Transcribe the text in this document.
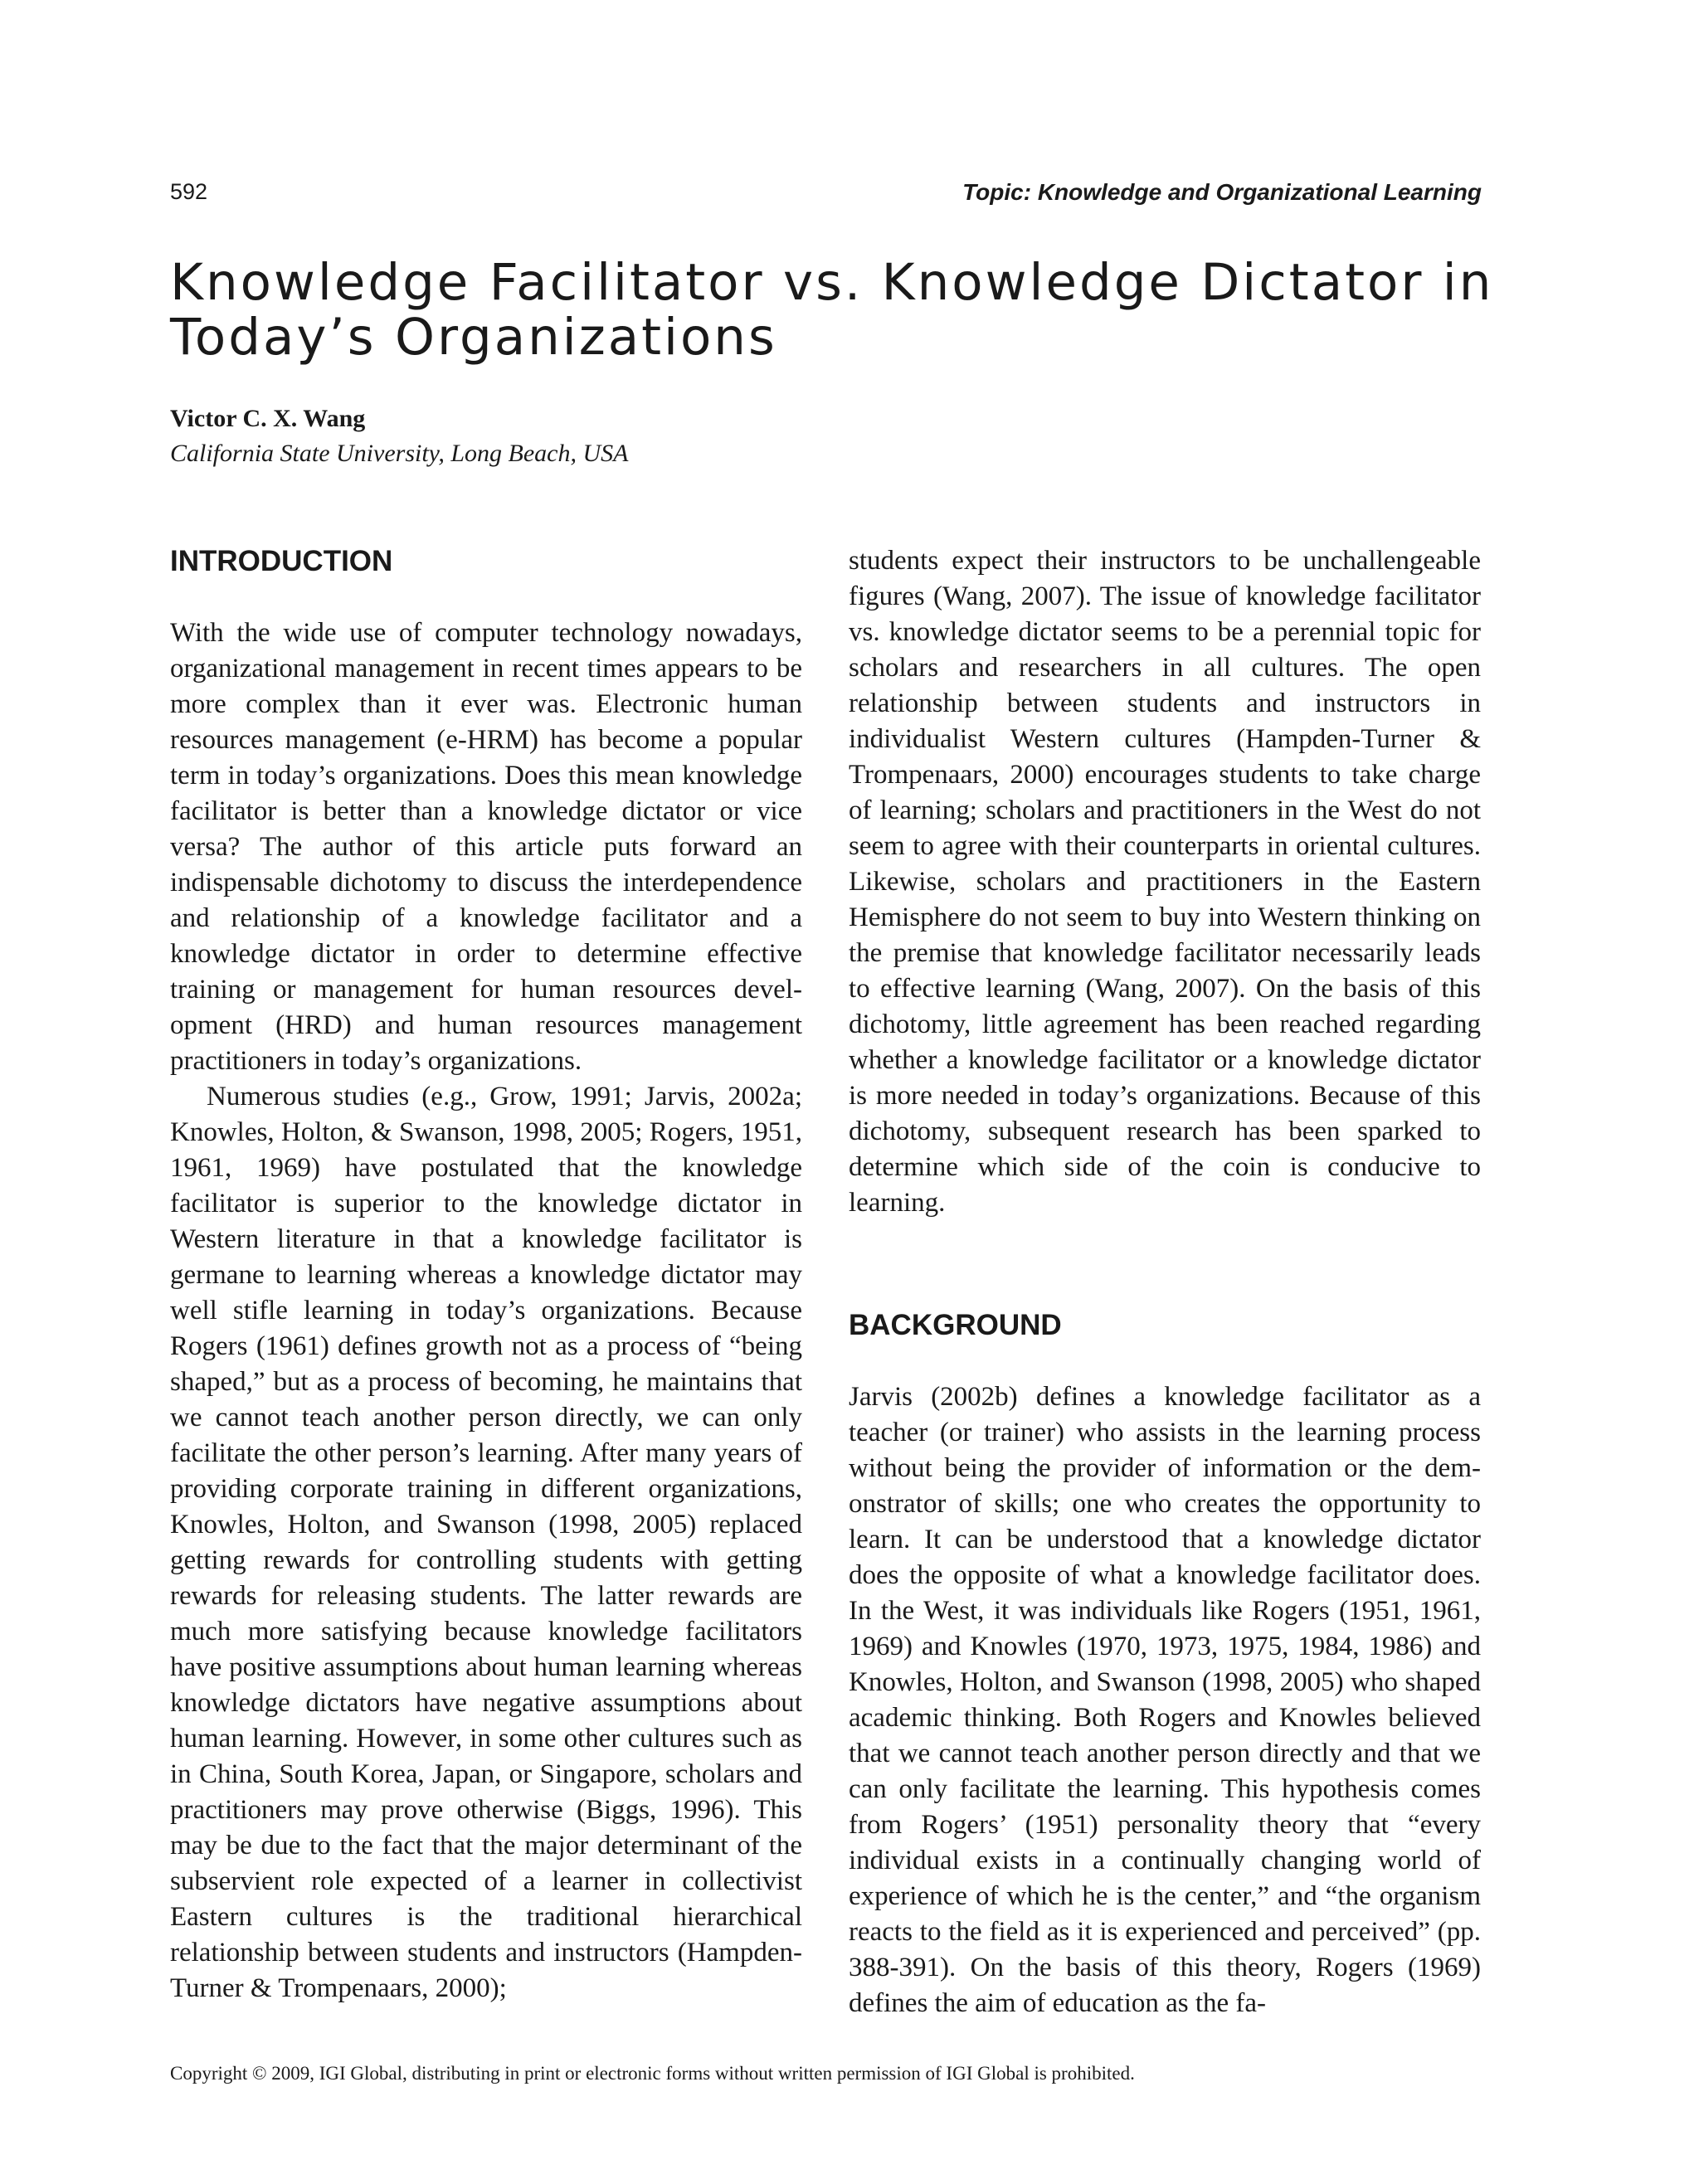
592	Topic: Knowledge and Organizational Learning
Knowledge Facilitator vs. Knowledge Dictator in Today’s Organizations
Victor C. X. Wang
California State University, Long Beach, USA
INTRODUCTION

With the wide use of computer technology nowadays, organizational management in recent times appears to be more complex than it ever was. Electronic human resources management (e-HRM) has become a popular term in today’s organizations. Does this mean knowledge facilitator is better than a knowledge dictator or vice versa? The author of this article puts forward an indispensable dichotomy to discuss the interdependence and relationship of a knowledge facilitator and a knowledge dictator in order to determine effective training or management for human resources development (HRD) and human resources management practitioners in today’s organizations.

Numerous studies (e.g., Grow, 1991; Jarvis, 2002a; Knowles, Holton, & Swanson, 1998, 2005; Rogers, 1951, 1961, 1969) have postulated that the knowledge facilitator is superior to the knowledge dictator in Western literature in that a knowledge facilitator is germane to learning whereas a knowledge dictator may well stifle learning in today’s organizations. Because Rogers (1961) defines growth not as a process of “being shaped,” but as a process of becoming, he maintains that we cannot teach another person directly, we can only facilitate the other person’s learning. After many years of providing corporate training in different organizations, Knowles, Holton, and Swanson (1998, 2005) replaced getting rewards for controlling students with getting rewards for releasing students. The latter rewards are much more satisfying because knowledge facilitators have positive assumptions about human learning whereas knowledge dictators have negative assumptions about human learning. However, in some other cultures such as in China, South Korea, Japan, or Singapore, scholars and practitioners may prove otherwise (Biggs, 1996). This may be due to the fact that the major determinant of the subservient role expected of a learner in collectivist Eastern cultures is the traditional hierarchical relationship between students and instructors (Hampden-Turner & Trompenaars, 2000);

students expect their instructors to be unchallengeable figures (Wang, 2007). The issue of knowledge facilitator vs. knowledge dictator seems to be a perennial topic for scholars and researchers in all cultures. The open relationship between students and instructors in individualist Western cultures (Hampden-Turner & Trompenaars, 2000) encourages students to take charge of learning; scholars and practitioners in the West do not seem to agree with their counterparts in oriental cultures. Likewise, scholars and practitioners in the Eastern Hemisphere do not seem to buy into Western thinking on the premise that knowledge facilitator necessarily leads to effective learning (Wang, 2007). On the basis of this dichotomy, little agreement has been reached regarding whether a knowledge facilitator or a knowledge dictator is more needed in today’s organizations. Because of this dichotomy, subsequent research has been sparked to determine which side of the coin is conducive to learning.

BACKGROUND

Jarvis (2002b) defines a knowledge facilitator as a teacher (or trainer) who assists in the learning process without being the provider of information or the demonstrator of skills; one who creates the opportunity to learn. It can be understood that a knowledge dictator does the opposite of what a knowledge facilitator does. In the West, it was individuals like Rogers (1951, 1961, 1969) and Knowles (1970, 1973, 1975, 1984, 1986) and Knowles, Holton, and Swanson (1998, 2005) who shaped academic thinking. Both Rogers and Knowles believed that we cannot teach another person directly and that we can only facilitate the learning. This hypothesis comes from Rogers’ (1951) personality theory that “every individual exists in a continually changing world of experience of which he is the center,” and “the organism reacts to the field as it is experienced and perceived” (pp. 388-391). On the basis of this theory, Rogers (1969) defines the aim of education as the fa-

Copyright © 2009, IGI Global, distributing in print or electronic forms without written permission of IGI Global is prohibited.
